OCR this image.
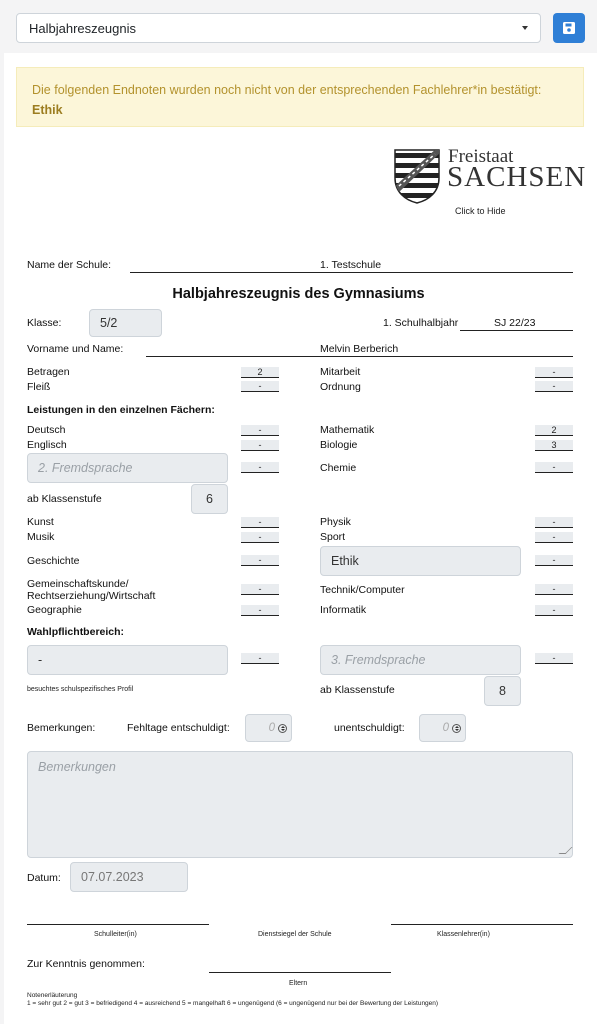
Halbjahreszeugnis
Die folgenden Endnoten wurden noch nicht von der entsprechenden Fachlehrer*in bestätigt:
Ethik
Freistaat
SACHSEN
Click to Hide
Name der Schule:	1. Testschule
Halbjahreszeugnis des Gymnasiums
Klasse:	5/2	1. Schulhalbjahr	SJ 22/23
Vorname und Name:	Melvin Berberich
Betragen	2
Fleiß	-
Mitarbeit	-
Ordnung	-
Leistungen in den einzelnen Fächern:
Deutsch	-
Englisch	-
2. Fremdsprache	-
ab Klassenstufe	6
Kunst	-
Musik	-
Geschichte	-
Gemeinschaftskunde/
Rechtserziehung/Wirtschaft
-
Geographie	-
Mathematik	2
Biologie	3
Chemie	-
Physik	-
Sport	-
Ethik	-
Technik/Computer	-
Informatik	-
Wahlpflichtbereich:
-	-
besuchtes schulspezifisches Profil
3. Fremdsprache	-
ab Klassenstufe	8
Bemerkungen:	Fehltage entschuldigt:	0	unentschuldigt:	0
Bemerkungen
Datum: 07.07.2023
Schulleiter(in)	Dienstsiegel der Schule	Klassenlehrer(in)
Zur Kenntnis genommen:
Eltern
Notenerläuterung
1 = sehr gut 2 = gut 3 = befriedigend 4 = ausreichend 5 = mangelhaft 6 = ungenügend (6 = ungenügend nur bei der Bewertung der Leistungen)
